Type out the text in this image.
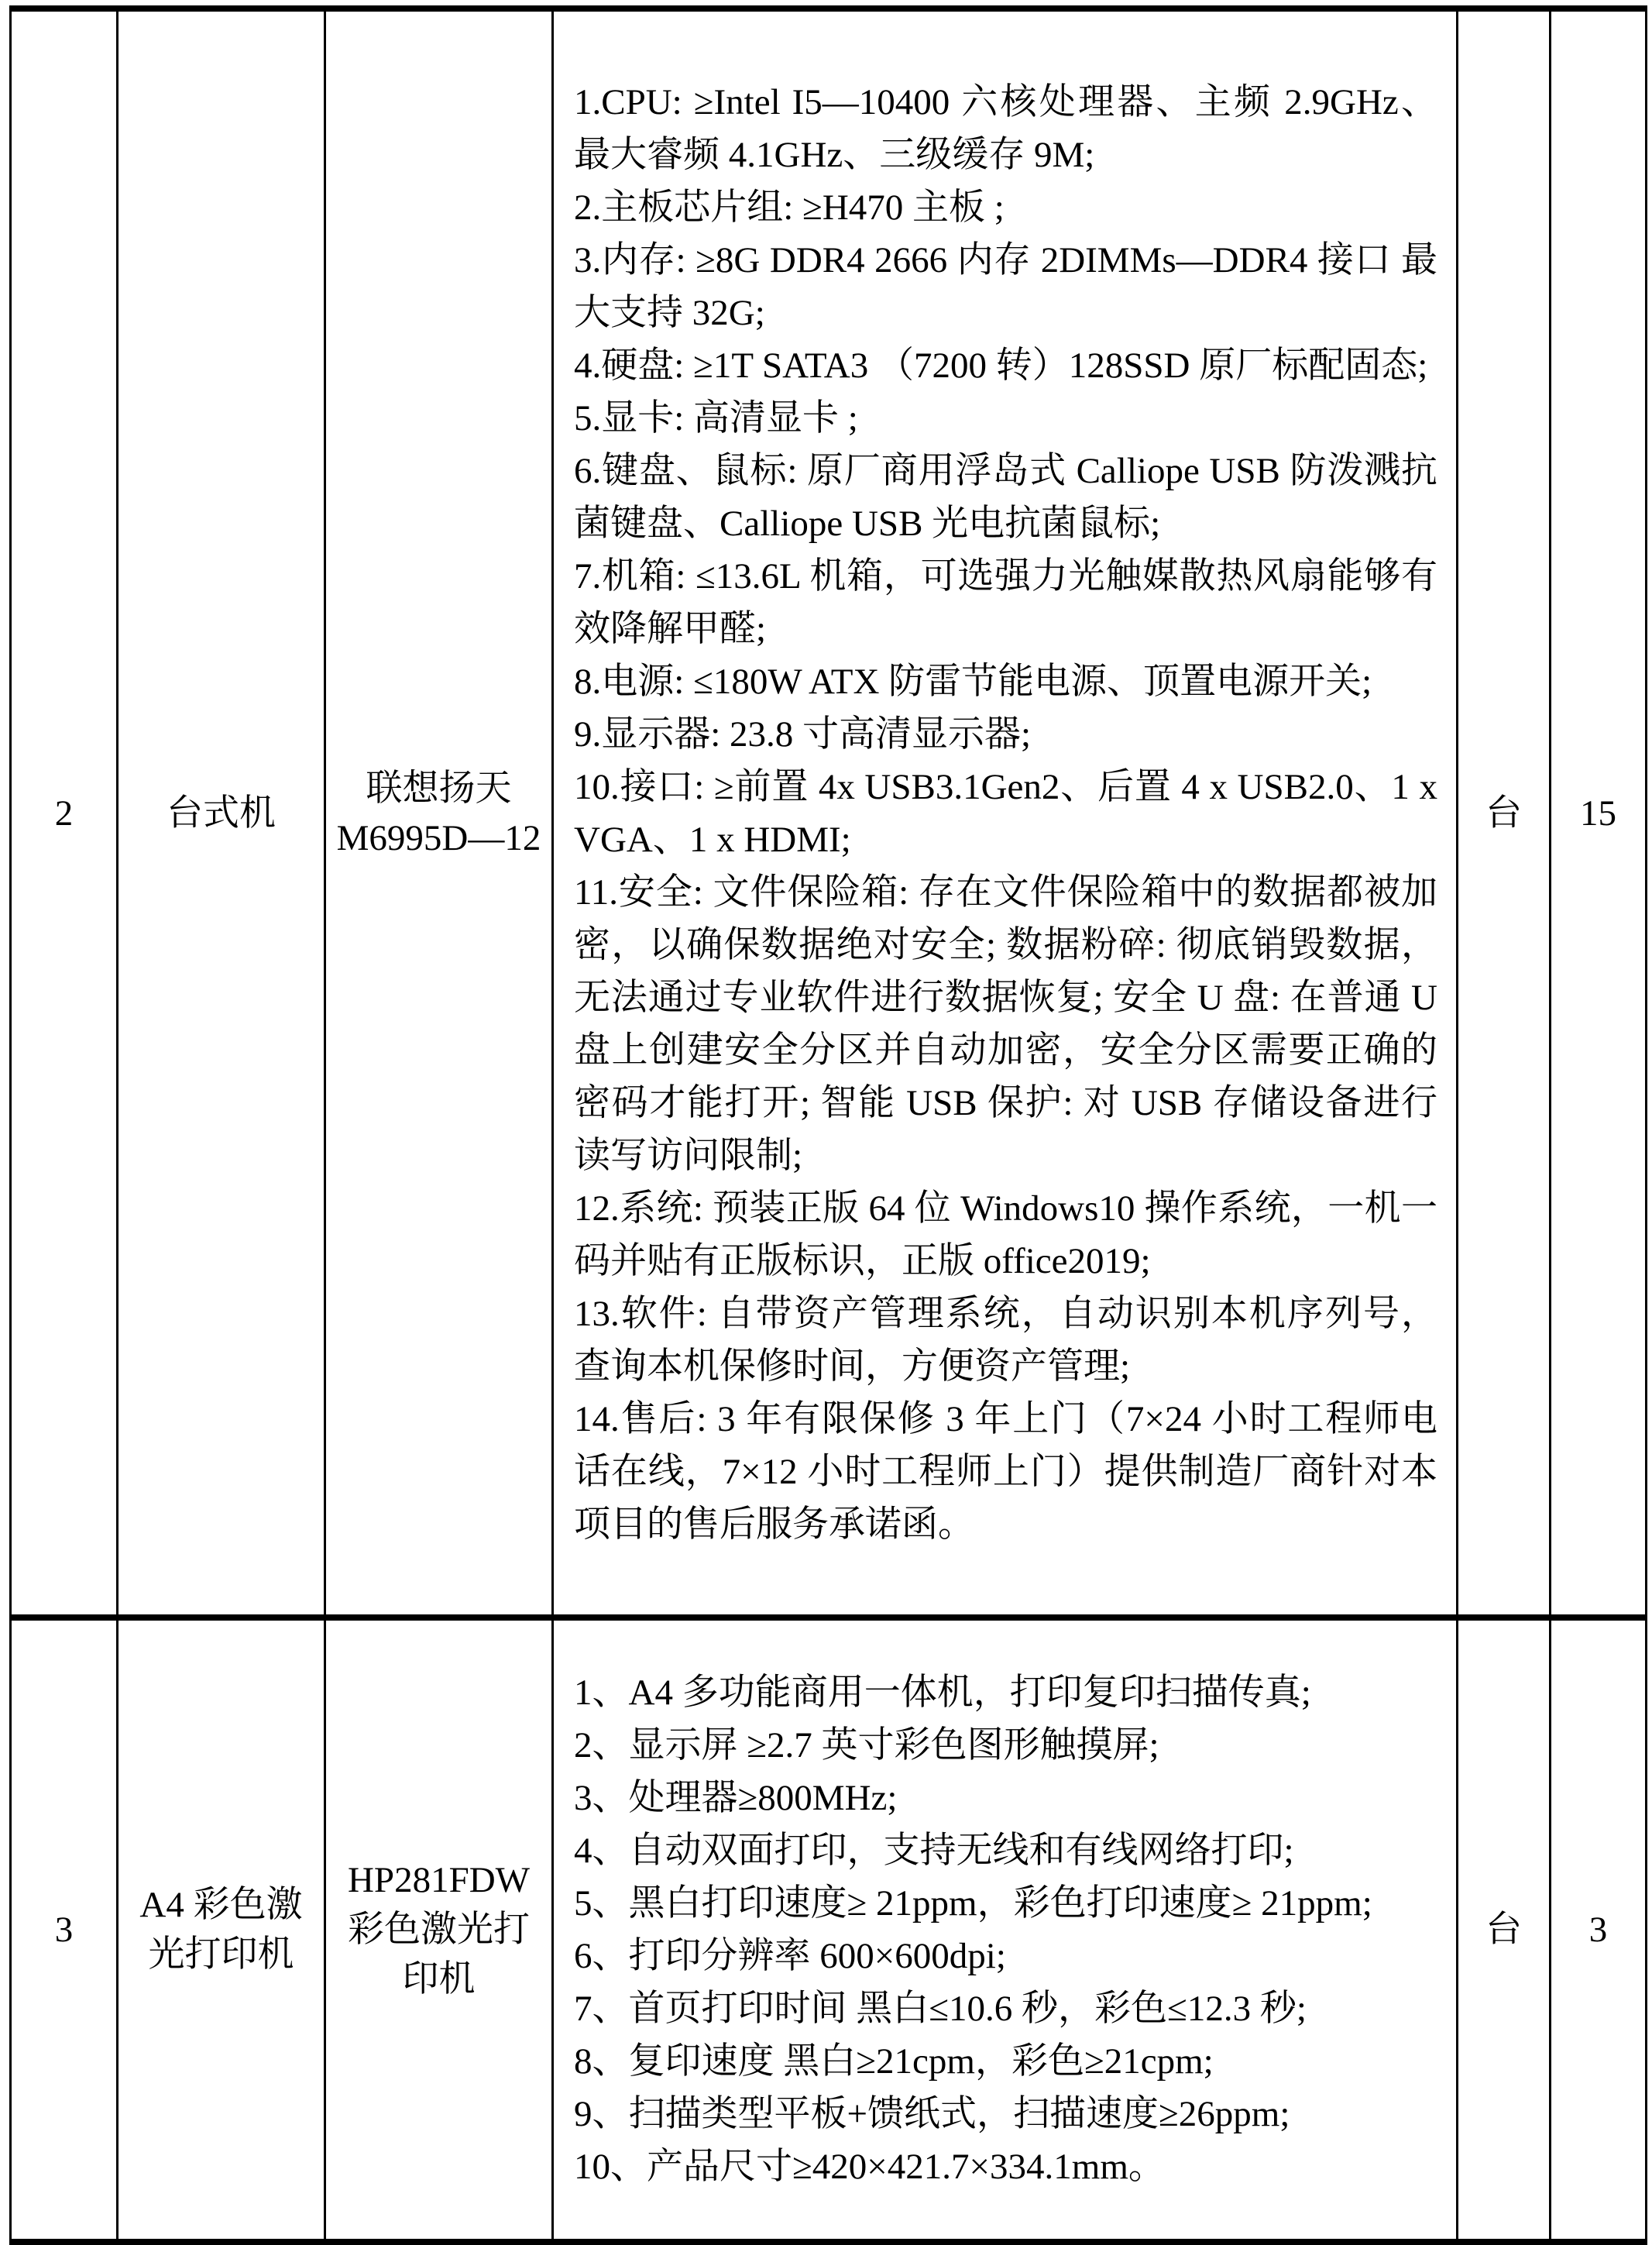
2	台式机
联想扬天 M6995D—12
1.CPU: ≥Intel I5—10400 六核处理器、主频 2.9GHz、最大睿频 4.1GHz、三级缓存 9M;
2.主板芯片组: ≥H470 主板 ;
3.内存: ≥8G DDR4 2666 内存 2DIMMs—DDR4 接口 最大支持 32G;
4.硬盘: ≥1T SATA3 （7200 转）128SSD 原厂标配固态;
5.显卡: 高清显卡 ;
6.键盘、鼠标: 原厂商用浮岛式 Calliope USB 防泼溅抗菌键盘、Calliope USB 光电抗菌鼠标;
7.机箱: ≤13.6L 机箱，可选强力光触媒散热风扇能够有效降解甲醛;
8.电源: ≤180W ATX 防雷节能电源、顶置电源开关;
9.显示器: 23.8 寸高清显示器;
10.接口: ≥前置 4x USB3.1Gen2、后置 4 x USB2.0、1 x VGA、1 x HDMI;
11.安全: 文件保险箱: 存在文件保险箱中的数据都被加密，以确保数据绝对安全; 数据粉碎: 彻底销毁数据，无法通过专业软件进行数据恢复; 安全 U 盘: 在普通 U 盘上创建安全分区并自动加密，安全分区需要正确的密码才能打开; 智能 USB 保护: 对 USB 存储设备进行读写访问限制;
12.系统: 预装正版 64 位 Windows10 操作系统，一机一码并贴有正版标识，正版 office2019;
13.软件: 自带资产管理系统，自动识别本机序列号，查询本机保修时间，方便资产管理;
14.售后: 3 年有限保修 3 年上门（7×24 小时工程师电话在线，7×12 小时工程师上门）提供制造厂商针对本项目的售后服务承诺函。
台 15
3
A4 彩色激光打印机
HP281FDW 彩色激光打印机
1、A4 多功能商用一体机，打印复印扫描传真;
2、显示屏 ≥2.7 英寸彩色图形触摸屏;
3、处理器≥800MHz;
4、自动双面打印，支持无线和有线网络打印;
5、黑白打印速度≥ 21ppm，彩色打印速度≥ 21ppm;
6、打印分辨率 600×600dpi;
7、首页打印时间 黑白≤10.6 秒，彩色≤12.3 秒;
8、复印速度 黑白≥21cpm，彩色≥21cpm;
9、扫描类型平板+馈纸式，扫描速度≥26ppm;
10、产品尺寸≥420×421.7×334.1mm。
台 3
